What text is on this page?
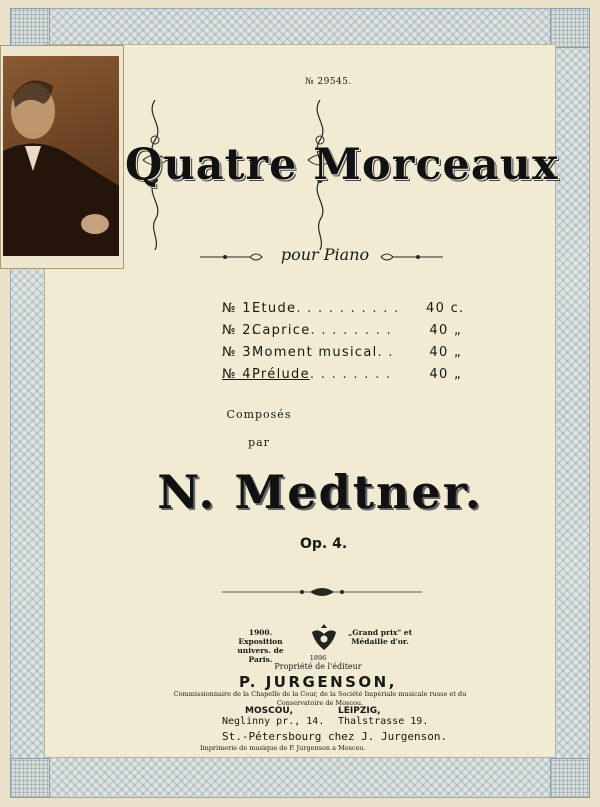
№ 29545.
Quatre Morceaux
pour Piano
№ 1.
Etude . . . . . . . . . .	40 c.
№ 2.
Caprice . . . . . . . .	40 „
№ 3.
Moment musical . .	40 „
№ 4.
Prélude . . . . . . . .	40 „
Composés
par
N. Medtner.
Op. 4.
1900. Exposition univers. de Paris.
„Grand prix" et Médaille d'or.
1896
Propriété de l'éditeur
P. JURGENSON,
Commissionnaire de la Chapelle de la Cour, de la Société Impériale musicale russe et du Conservatoire de Moscou.
MOSCOU,	LEIPZIG,
Neglinny pr., 14. Thalstrasse 19.
St.-Pétersbourg chez J. Jurgenson.
Imprimerie de musique de P. Jurgenson a Moscou.
